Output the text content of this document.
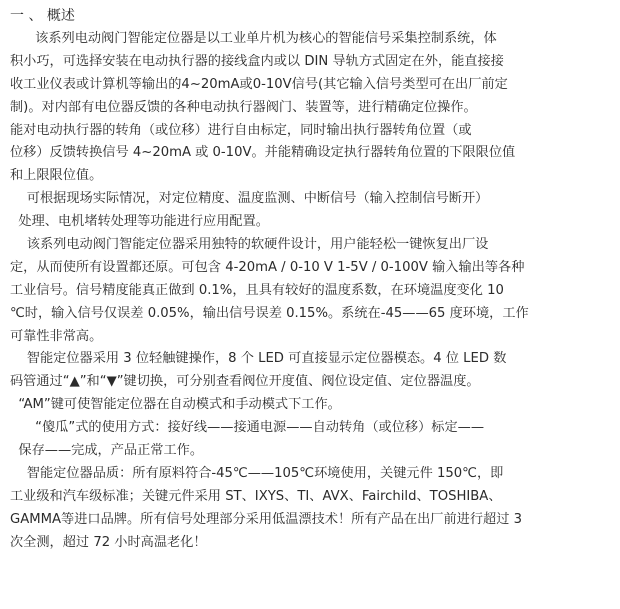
一 、 概述
该系列电动阀门智能定位器是以工业单片机为核心的智能信号采集控制系统，体
积小巧，可选择安装在电动执行器的接线盒内或以 DIN 导轨方式固定在外，能直接接
收工业仪表或计算机等输出的4~20mA或0-10V信号(其它输入信号类型可在出厂前定
制)。对内部有电位器反馈的各种电动执行器阀门、装置等，进行精确定位操作。
能对电动执行器的转角（或位移）进行自由标定，同时输出执行器转角位置（或
位移）反馈转换信号 4~20mA 或 0-10V。并能精确设定执行器转角位置的下限限位值
和上限限位值。
可根据现场实际情况，对定位精度、温度监测、中断信号（输入控制信号断开）
处理、电机堵转处理等功能进行应用配置。
该系列电动阀门智能定位器采用独特的软硬件设计，用户能轻松一键恢复出厂设
定，从而使所有设置都还原。可包含 4-20mA / 0-10 V 1-5V / 0-100V 输入输出等各种
工业信号。信号精度能真正做到 0.1%，且具有较好的温度系数，在环境温度变化 10
℃时，输入信号仅误差 0.05%，输出信号误差 0.15%。系统在-45——65 度环境，工作
可靠性非常高。
智能定位器采用 3 位轻触键操作，8 个 LED 可直接显示定位器模态。4 位 LED 数
码管通过“▲”和“▼”键切换，可分别查看阀位开度值、阀位设定值、定位器温度。
“AM”键可使智能定位器在自动模式和手动模式下工作。
“傻瓜”式的使用方式：接好线——接通电源——自动转角（或位移）标定——
保存——完成，产品正常工作。
智能定位器品质：所有原料符合-45℃——105℃环境使用，关键元件 150℃，即
工业级和汽车级标准；关键元件采用 ST、IXYS、TI、AVX、Fairchild、TOSHIBA、
GAMMA等进口品牌。所有信号处理部分采用低温漂技术！所有产品在出厂前进行超过 3
次全测，超过 72 小时高温老化！
